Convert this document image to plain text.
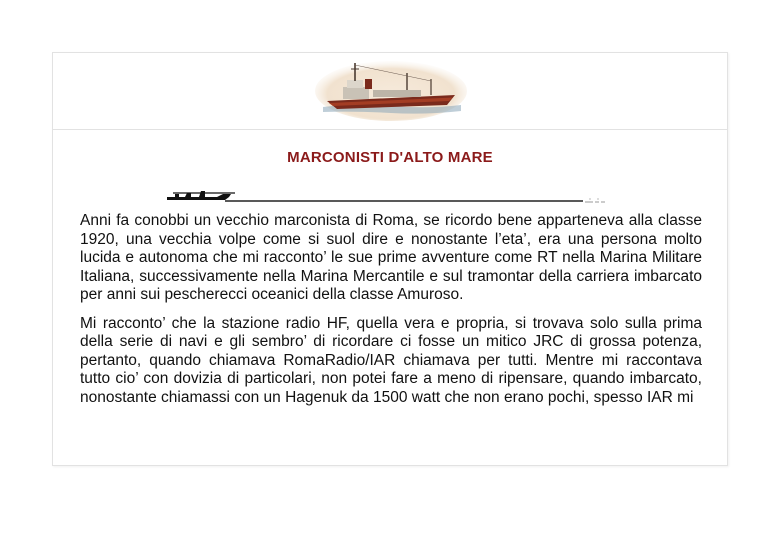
MARCONISTI D'ALTO MARE

Anni fa conobbi un vecchio marconista di Roma, se ricordo bene apparteneva alla classe 1920, una vecchia volpe come si suol dire e nonostante l’eta’, era una persona molto lucida e autonoma che mi racconto’ le sue prime avventure come RT nella Marina Militare Italiana, successivamente nella Marina Mercantile e sul tramontar della carriera imbarcato per anni sui pescherecci oceanici della classe Amuroso.

Mi racconto’ che la stazione radio HF, quella vera e propria, si trovava solo sulla prima della serie di navi e gli sembro’ di ricordare ci fosse un mitico JRC di grossa potenza, pertanto, quando chiamava RomaRadio/IAR chiamava per tutti. Mentre mi raccontava tutto cio’ con dovizia di particolari, non potei fare a meno di ripensare, quando imbarcato, nonostante chiamassi con un Hagenuk da 1500 watt che non erano pochi, spesso IAR mi
